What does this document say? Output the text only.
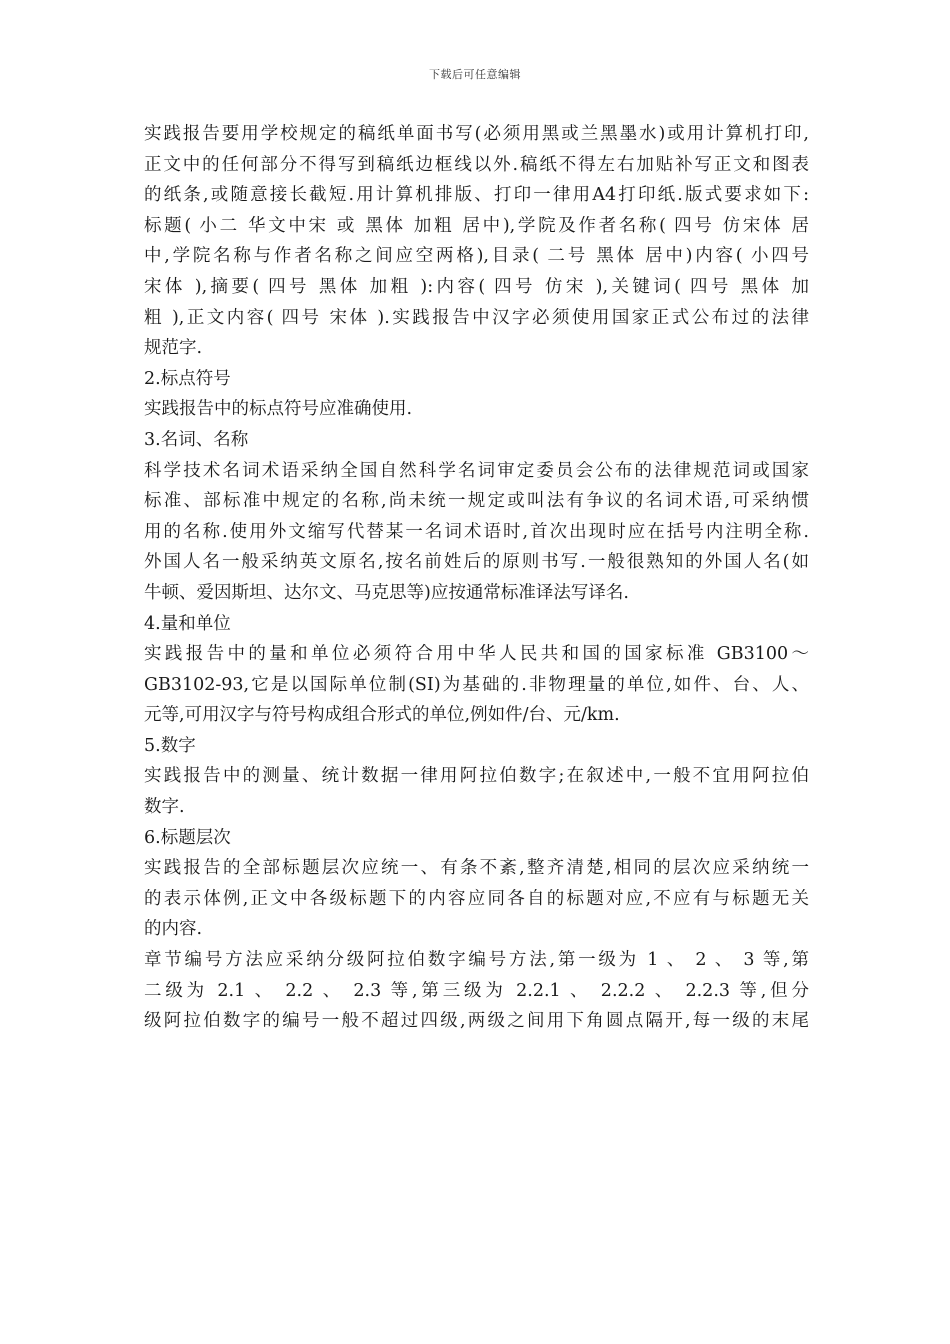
下载后可任意编辑
实践报告要用学校规定的稿纸单面书写(必须用黑或兰黑墨水)或用计算机打印,
正文中的任何部分不得写到稿纸边框线以外.稿纸不得左右加贴补写正文和图表
的纸条,或随意接长截短.用计算机排版、打印一律用A4打印纸.版式要求如下:
标题( 小二 华文中宋 或 黑体 加粗 居中),学院及作者名称( 四号 仿宋体 居
中,学院名称与作者名称之间应空两格),目录( 二号 黑体 居中)内容( 小四号
宋体 ),摘要( 四号 黑体 加粗 ):内容( 四号 仿宋 ),关键词( 四号 黑体 加
粗 ),正文内容( 四号 宋体 ).实践报告中汉字必须使用国家正式公布过的法律
规范字.
2.标点符号
实践报告中的标点符号应准确使用.
3.名词、名称
科学技术名词术语采纳全国自然科学名词审定委员会公布的法律规范词或国家
标准、部标准中规定的名称,尚未统一规定或叫法有争议的名词术语,可采纳惯
用的名称.使用外文缩写代替某一名词术语时,首次出现时应在括号内注明全称.
外国人名一般采纳英文原名,按名前姓后的原则书写.一般很熟知的外国人名(如
牛顿、爱因斯坦、达尔文、马克思等)应按通常标准译法写译名.
4.量和单位
实践报告中的量和单位必须符合用中华人民共和国的国家标准 GB3100～
GB3102-93,它是以国际单位制(SI)为基础的.非物理量的单位,如件、台、人、
元等,可用汉字与符号构成组合形式的单位,例如件/台、元/km.
5.数字
实践报告中的测量、统计数据一律用阿拉伯数字;在叙述中,一般不宜用阿拉伯
数字.
6.标题层次
实践报告的全部标题层次应统一、有条不紊,整齐清楚,相同的层次应采纳统一
的表示体例,正文中各级标题下的内容应同各自的标题对应,不应有与标题无关
的内容.
章节编号方法应采纳分级阿拉伯数字编号方法,第一级为 1 、 2 、 3 等,第
二级为 2.1 、 2.2 、 2.3 等,第三级为 2.2.1 、 2.2.2 、 2.2.3 等,但分
级阿拉伯数字的编号一般不超过四级,两级之间用下角圆点隔开,每一级的末尾
